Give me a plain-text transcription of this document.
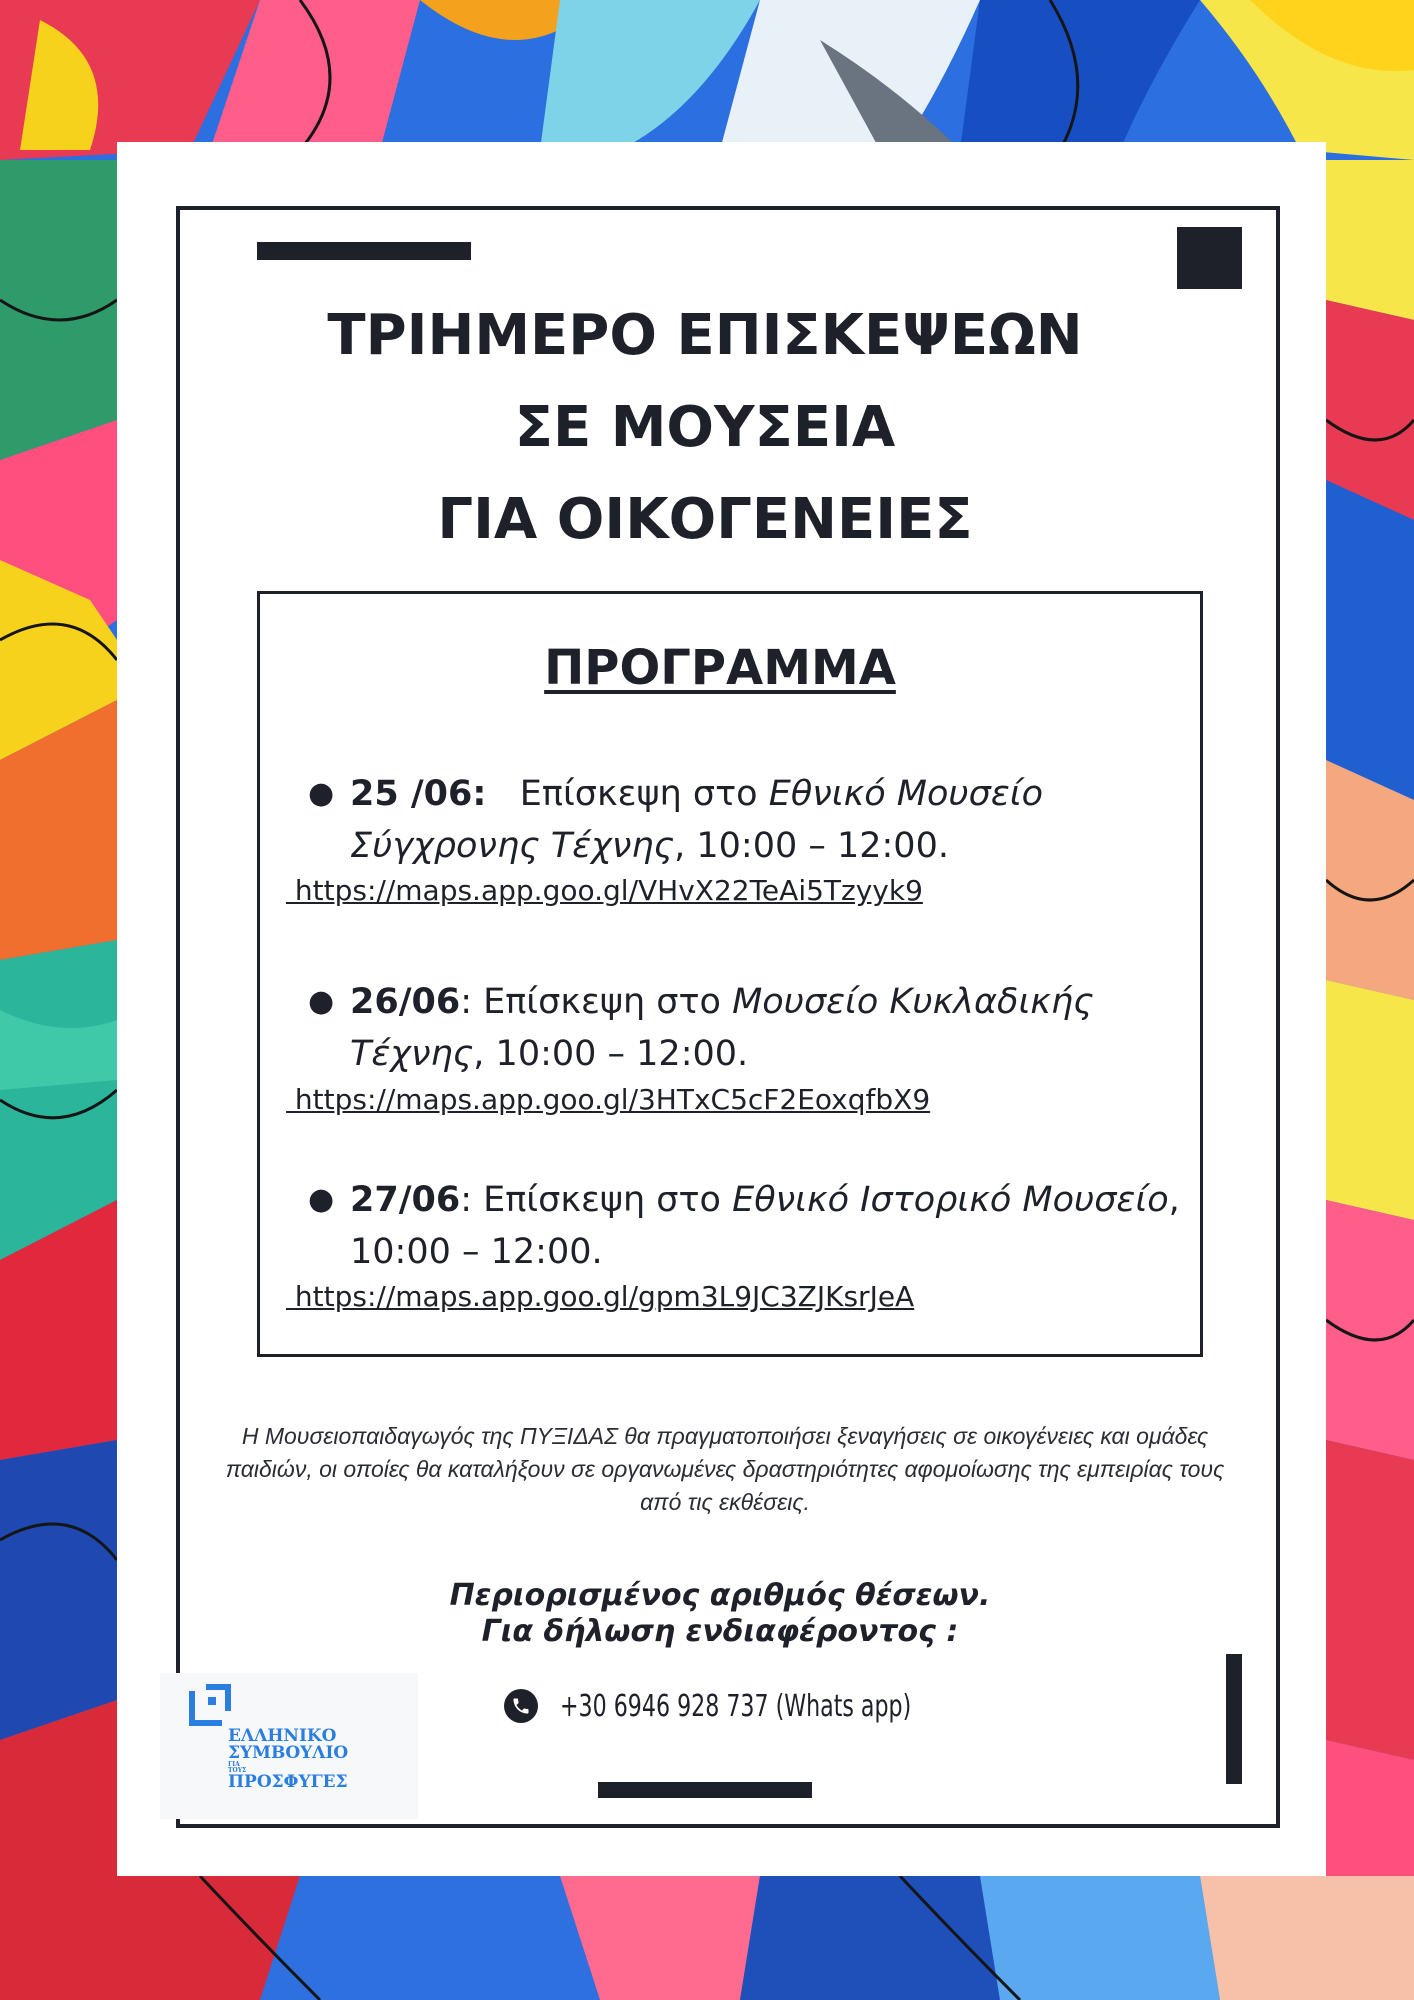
ΤΡΙΗΜΕΡΟ ΕΠΙΣΚΕΨΕΩΝ
ΣΕ ΜΟΥΣΕΙΑ
ΓΙΑ ΟΙΚΟΓΕΝΕΙΕΣ
ΠΡΟΓΡΑΜΜΑ
● 25 /06:   Επίσκεψη στο Εθνικό Μουσείο Σύγχρονης Τέχνης, 10:00 – 12:00.
https://maps.app.goo.gl/VHvX22TeAi5Tzyyk9
● 26/06: Επίσκεψη στο Μουσείο Κυκλαδικής Τέχνης, 10:00 – 12:00.
https://maps.app.goo.gl/3HTxC5cF2EoxqfbX9
● 27/06: Επίσκεψη στο Εθνικό Ιστορικό Μουσείο, 10:00 – 12:00.
https://maps.app.goo.gl/gpm3L9JC3ZJKsrJeA

Η Μουσειοπαιδαγωγός της ΠΥΞΙΔΑΣ θα πραγματοποιήσει ξεναγήσεις σε οικογένειες και ομάδες παιδιών, οι οποίες θα καταλήξουν σε οργανωμένες δραστηριότητες αφομοίωσης της εμπειρίας τους από τις εκθέσεις.

Περιορισμένος αριθμός θέσεων.
Για δήλωση ενδιαφέροντος :

+30 6946 928 737 (Whats app)
ΕΛΛΗΝΙΚΟ
ΣΥΜΒΟΥΛΙΟ
ΓΙΑ ΤΟΥΣ
ΠΡΟΣΦΥΓΕΣ
